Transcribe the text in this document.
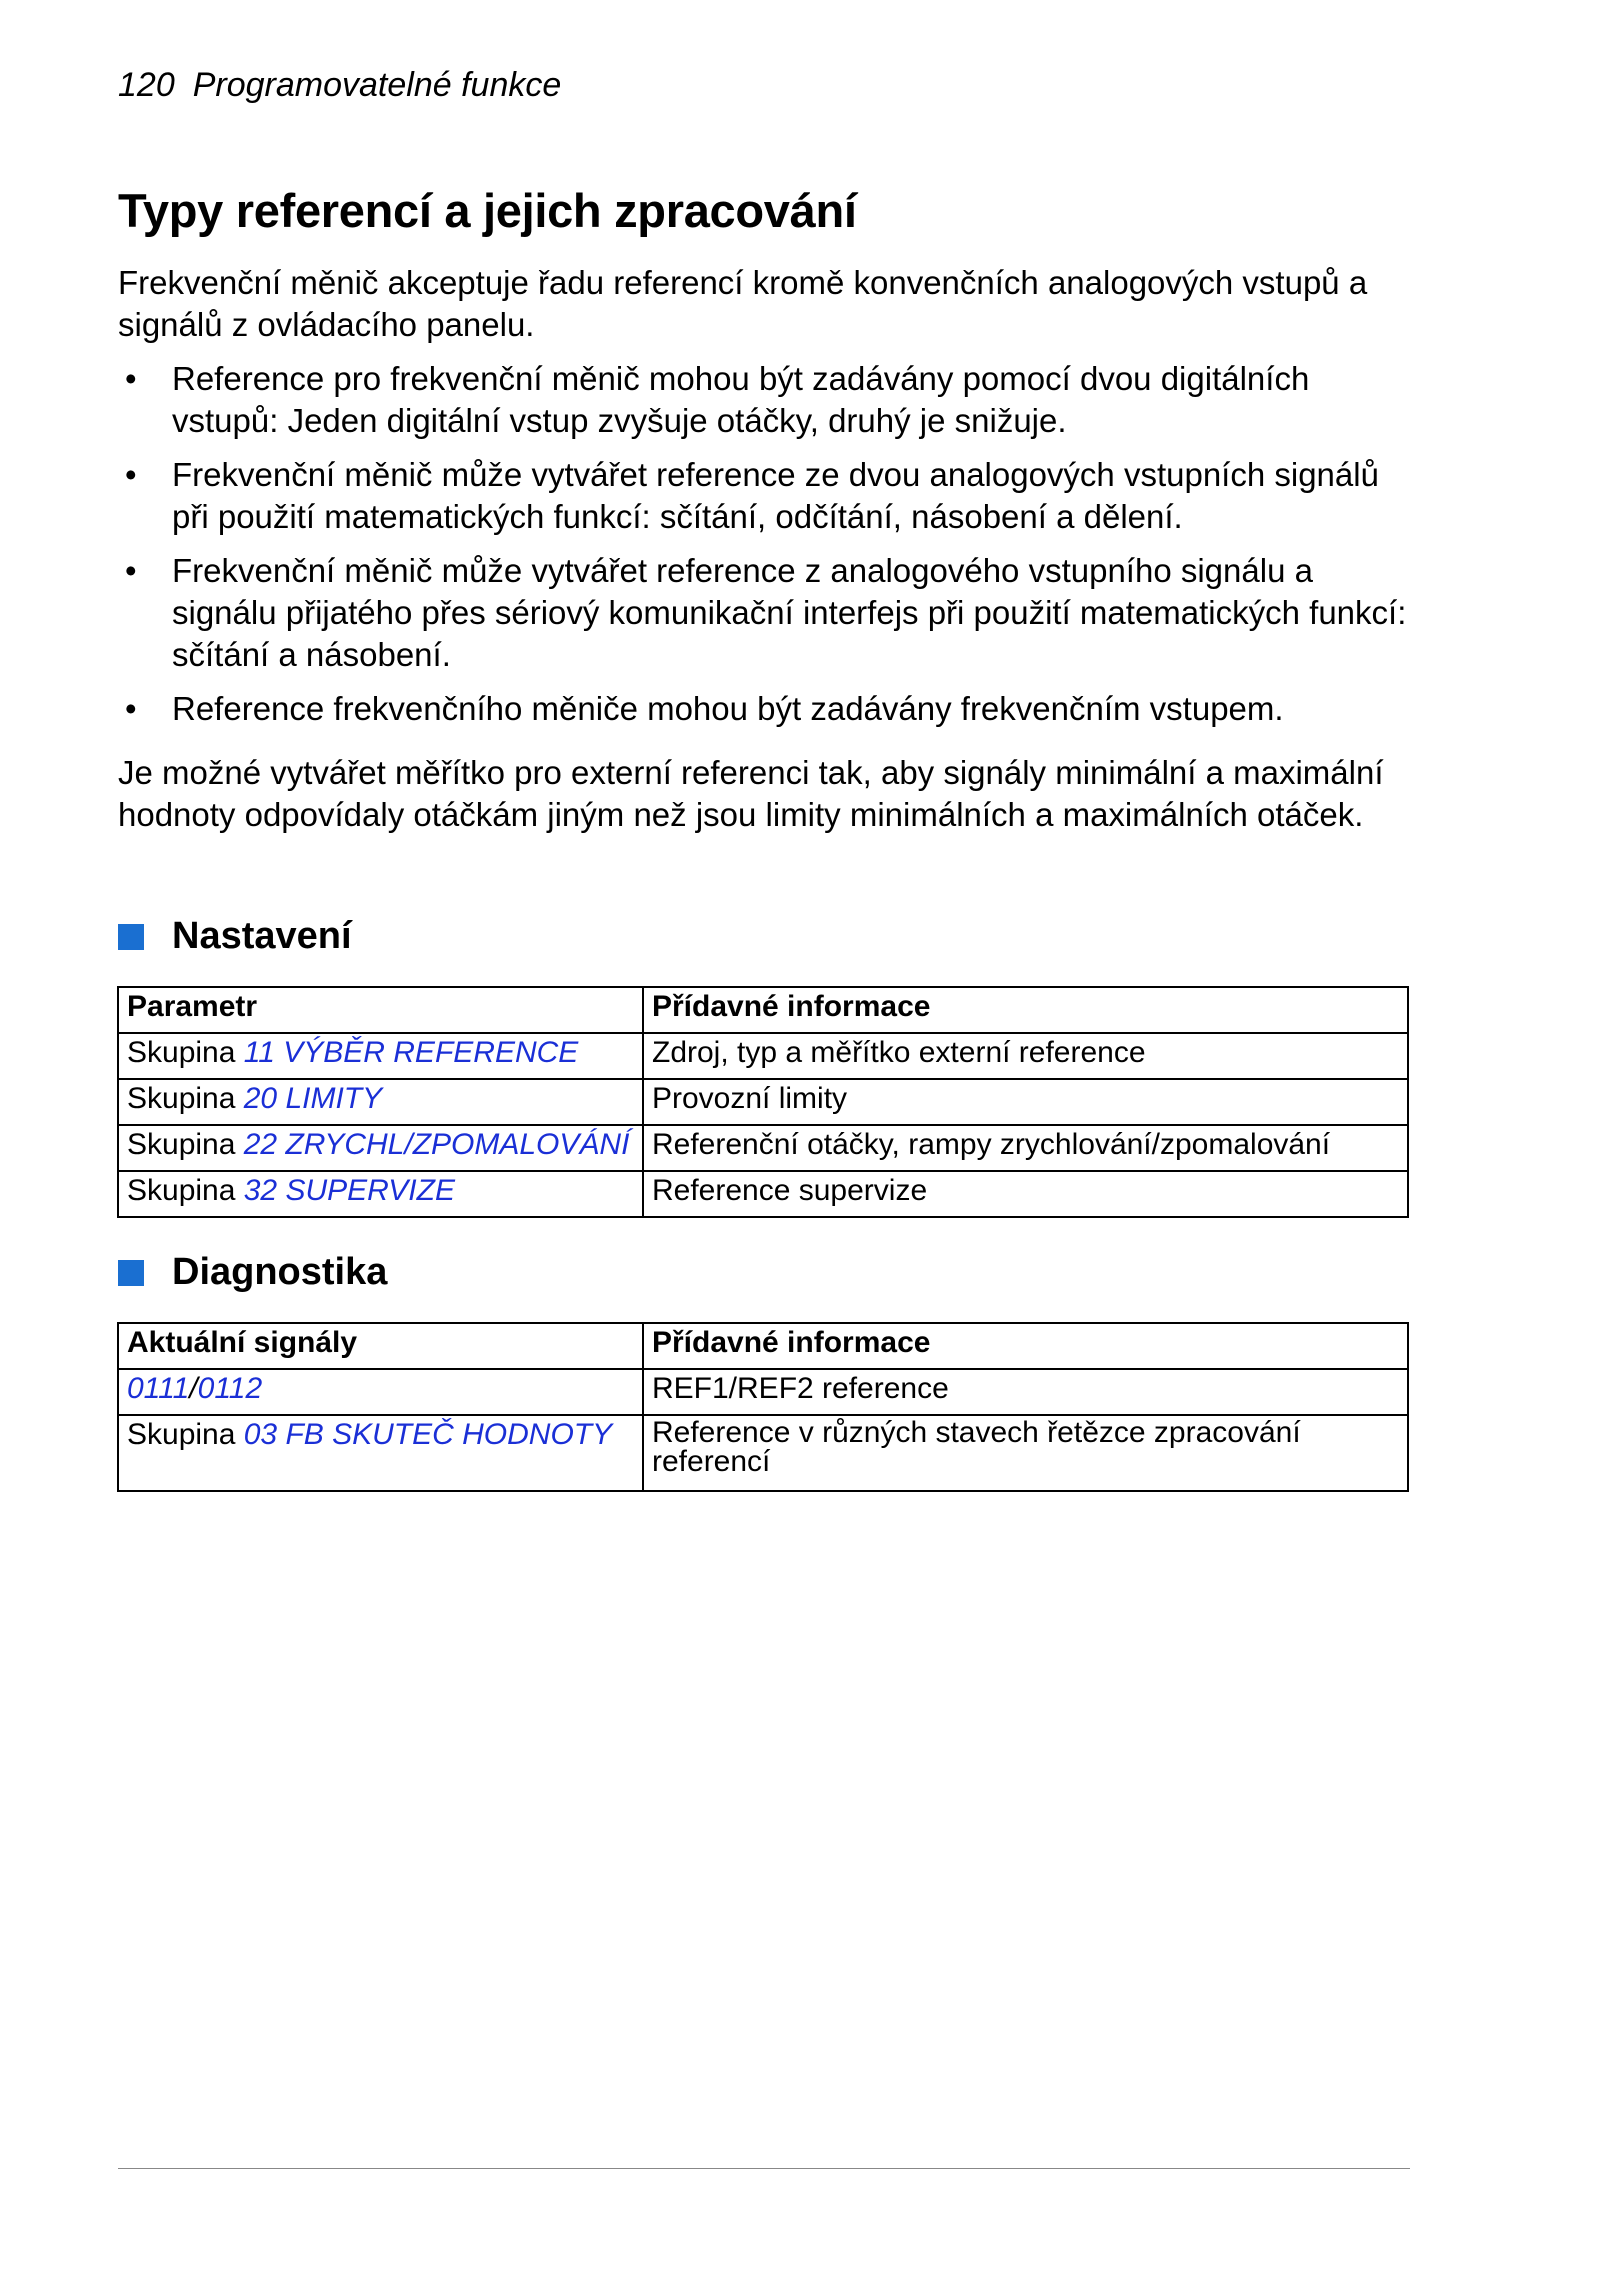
120 Programovatelné funkce
Typy referencí a jejich zpracování

Frekvenční měnič akceptuje řadu referencí kromě konvenčních analogových vstupů a signálů z ovládacího panelu.

• Reference pro frekvenční měnič mohou být zadávány pomocí dvou digitálních vstupů: Jeden digitální vstup zvyšuje otáčky, druhý je snižuje.
• Frekvenční měnič může vytvářet reference ze dvou analogových vstupních signálů při použití matematických funkcí: sčítání, odčítání, násobení a dělení.
• Frekvenční měnič může vytvářet reference z analogového vstupního signálu a signálu přijatého přes sériový komunikační interfejs při použití matematických funkcí: sčítání a násobení.
• Reference frekvenčního měniče mohou být zadávány frekvenčním vstupem.

Je možné vytvářet měřítko pro externí referenci tak, aby signály minimální a maximální hodnoty odpovídaly otáčkám jiným než jsou limity minimálních a maximálních otáček.

Nastavení
Parametr	Přídavné informace
Skupina 11 VÝBĚR REFERENCE	Zdroj, typ a měřítko externí reference
Skupina 20 LIMITY	Provozní limity
Skupina 22 ZRYCHL/ZPOMALOVÁNÍ	Referenční otáčky, rampy zrychlování/zpomalování
Skupina 32 SUPERVIZE	Reference supervize
Diagnostika
Aktuální signály	Přídavné informace
0111/0112	REF1/REF2 reference
Skupina 03 FB SKUTEČ HODNOTY	Reference v různých stavech řetězce zpracování referencí
